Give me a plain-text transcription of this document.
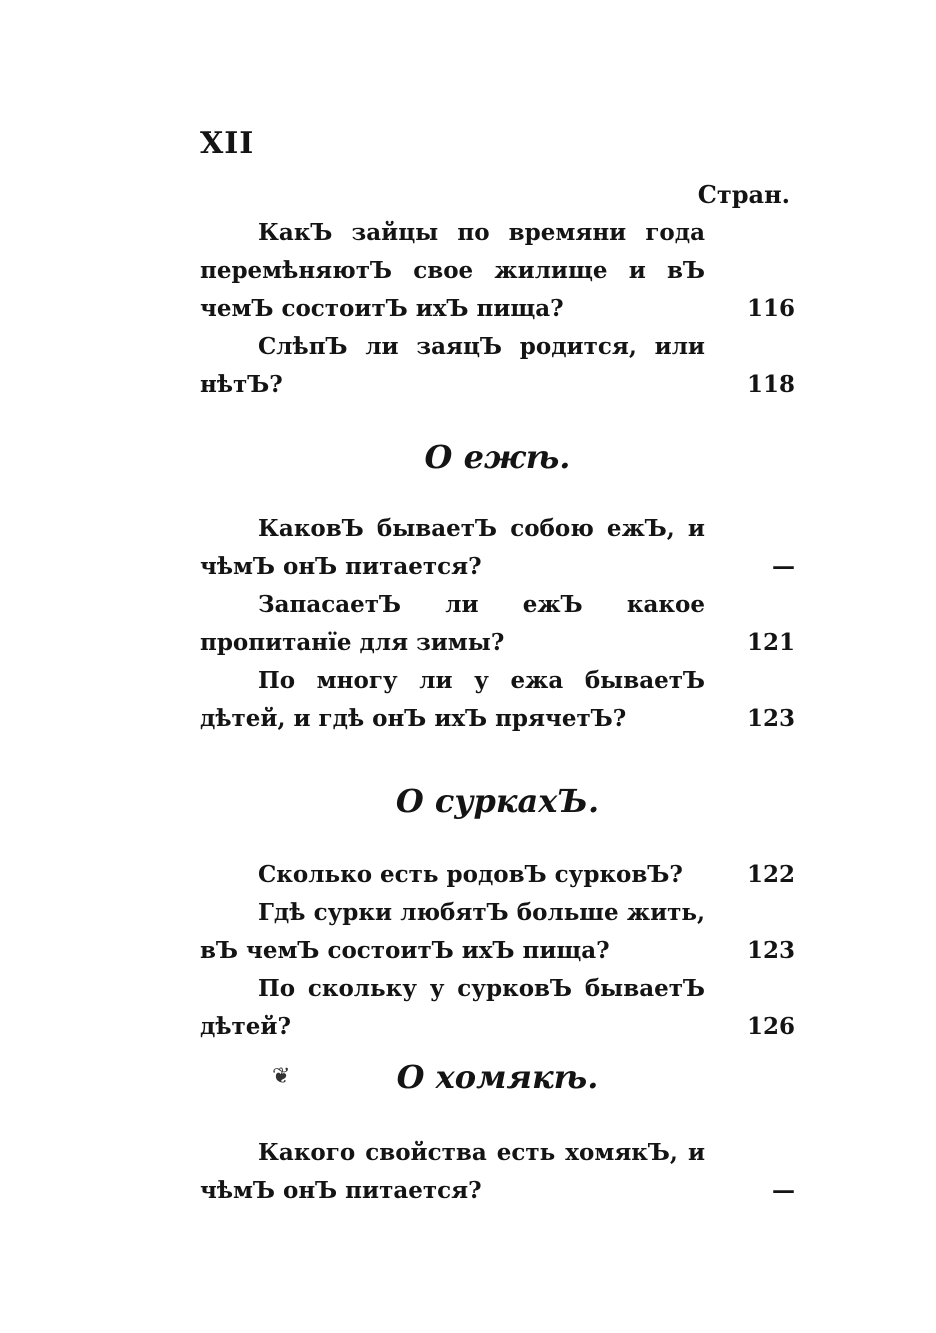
XII
Стран.
КакЪ зайцы по времяни года перемѣняютЪ свое жилище и вЪ чемЪ состоитЪ ихЪ пища?	116
СлѣпЪ ли заяцЪ родится, или нѣтЪ?	118
О ежѣ.
КаковЪ бываетЪ собою ежЪ, и чѣмЪ онЪ питается?	—
ЗапасаетЪ ли ежЪ какое пропитанїе для зимы?	121
По многу ли у ежа бываетЪ дѣтей, и гдѣ онЪ ихЪ прячетЪ?	123
О суркахЪ.
Сколько есть родовЪ сурковЪ?	122
Гдѣ сурки любятЪ больше жить, вЪ чемЪ состоитЪ ихЪ пища?	123
По скольку у сурковЪ бываетЪ дѣтей?	126
❦	О хомякѣ.
Какого свойства есть хомякЪ, и чѣмЪ онЪ питается?	—
